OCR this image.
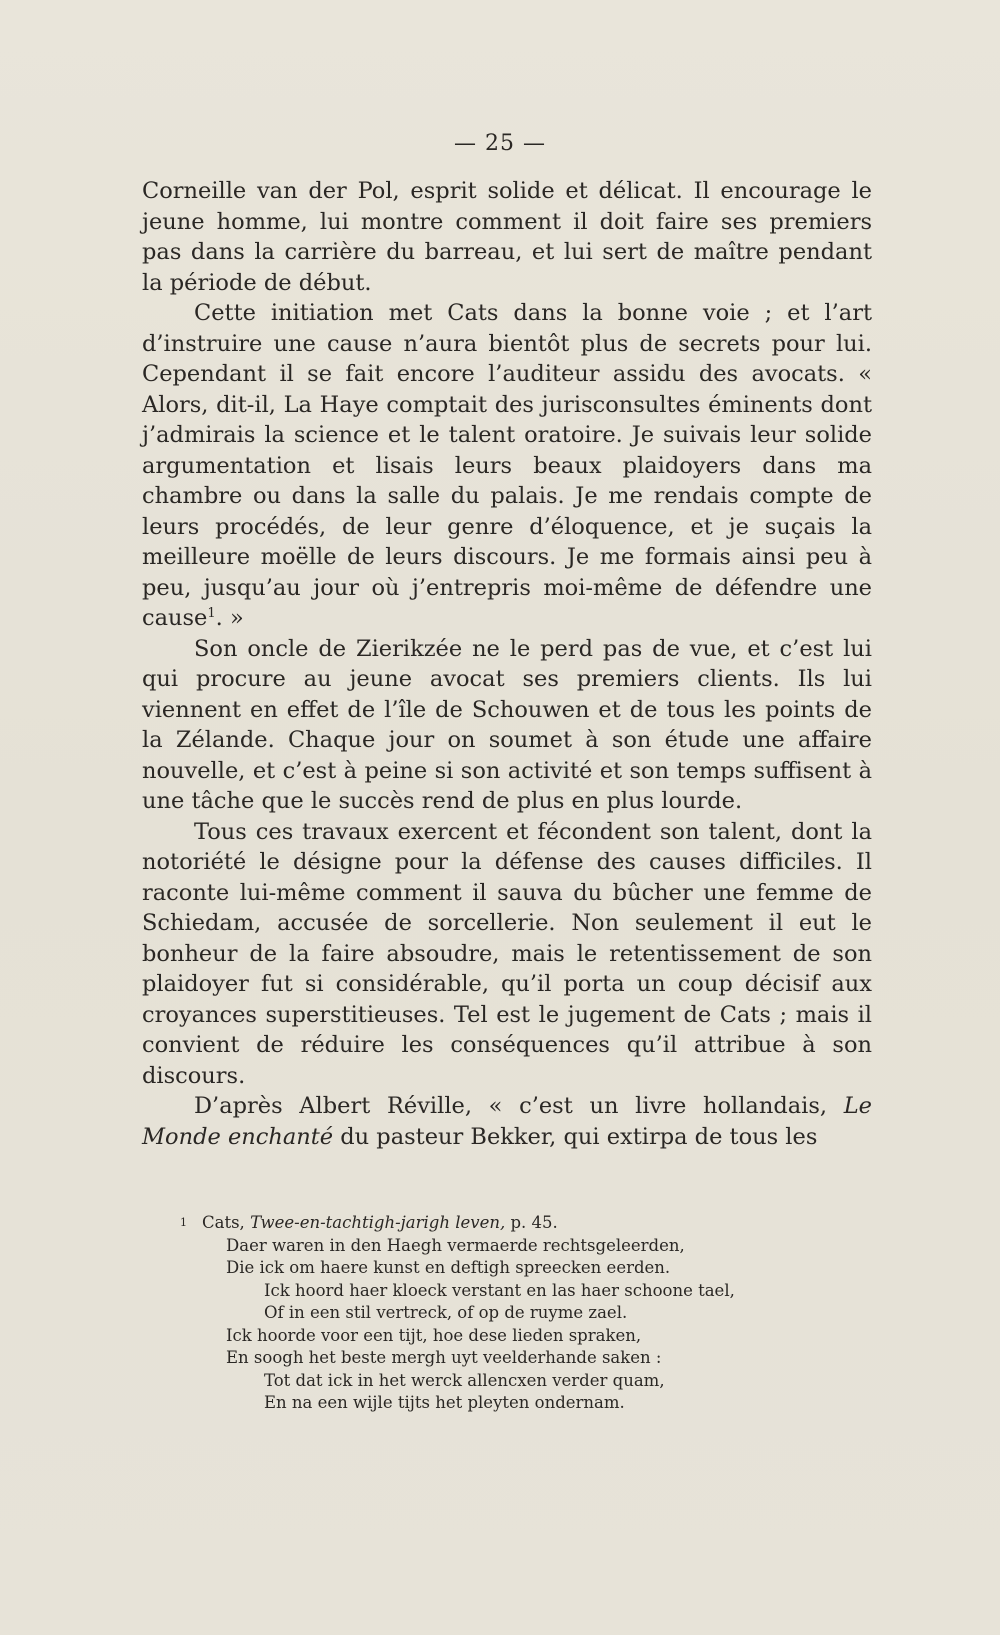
— 25 —

Corneille van der Pol, esprit solide et délicat. Il encourage le jeune homme, lui montre comment il doit faire ses premiers pas dans la carrière du barreau, et lui sert de maître pendant la période de début.

Cette initiation met Cats dans la bonne voie ; et l’art d’instruire une cause n’aura bientôt plus de secrets pour lui. Cependant il se fait encore l’auditeur assidu des avocats. « Alors, dit-il, La Haye comptait des jurisconsultes éminents dont j’admirais la science et le talent oratoire. Je suivais leur solide argumentation et lisais leurs beaux plaidoyers dans ma chambre ou dans la salle du palais. Je me rendais compte de leurs procédés, de leur genre d’éloquence, et je suçais la meilleure moëlle de leurs discours. Je me formais ainsi peu à peu, jusqu’au jour où j’entrepris moi-même de défendre une cause$^1$. »

Son oncle de Zierikzée ne le perd pas de vue, et c’est lui qui procure au jeune avocat ses premiers clients. Ils lui viennent en effet de l’île de Schouwen et de tous les points de la Zélande. Chaque jour on soumet à son étude une affaire nouvelle, et c’est à peine si son activité et son temps suffisent à une tâche que le succès rend de plus en plus lourde.

Tous ces travaux exercent et fécondent son talent, dont la notoriété le désigne pour la défense des causes difficiles. Il raconte lui-même comment il sauva du bûcher une femme de Schiedam, accusée de sorcellerie. Non seulement il eut le bonheur de la faire absoudre, mais le retentissement de son plaidoyer fut si considérable, qu’il porta un coup décisif aux croyances superstitieuses. Tel est le jugement de Cats ; mais il convient de réduire les conséquences qu’il attribue à son discours.

D’après Albert Réville, « c’est un livre hollandais, Le Monde enchanté du pasteur Bekker, qui extirpa de tous les

1 Cats, Twee-en-tachtigh-jarigh leven, p. 45.
Daer waren in den Haegh vermaerde rechtsgeleerden,
Die ick om haere kunst en deftigh spreecken eerden.
Ick hoord haer kloeck verstant en las haer schoone tael,
Of in een stil vertreck, of op de ruyme zael.
Ick hoorde voor een tijt, hoe dese lieden spraken,
En soogh het beste mergh uyt veelderhande saken :
Tot dat ick in het werck allencxen verder quam,
En na een wijle tijts het pleyten ondernam.
